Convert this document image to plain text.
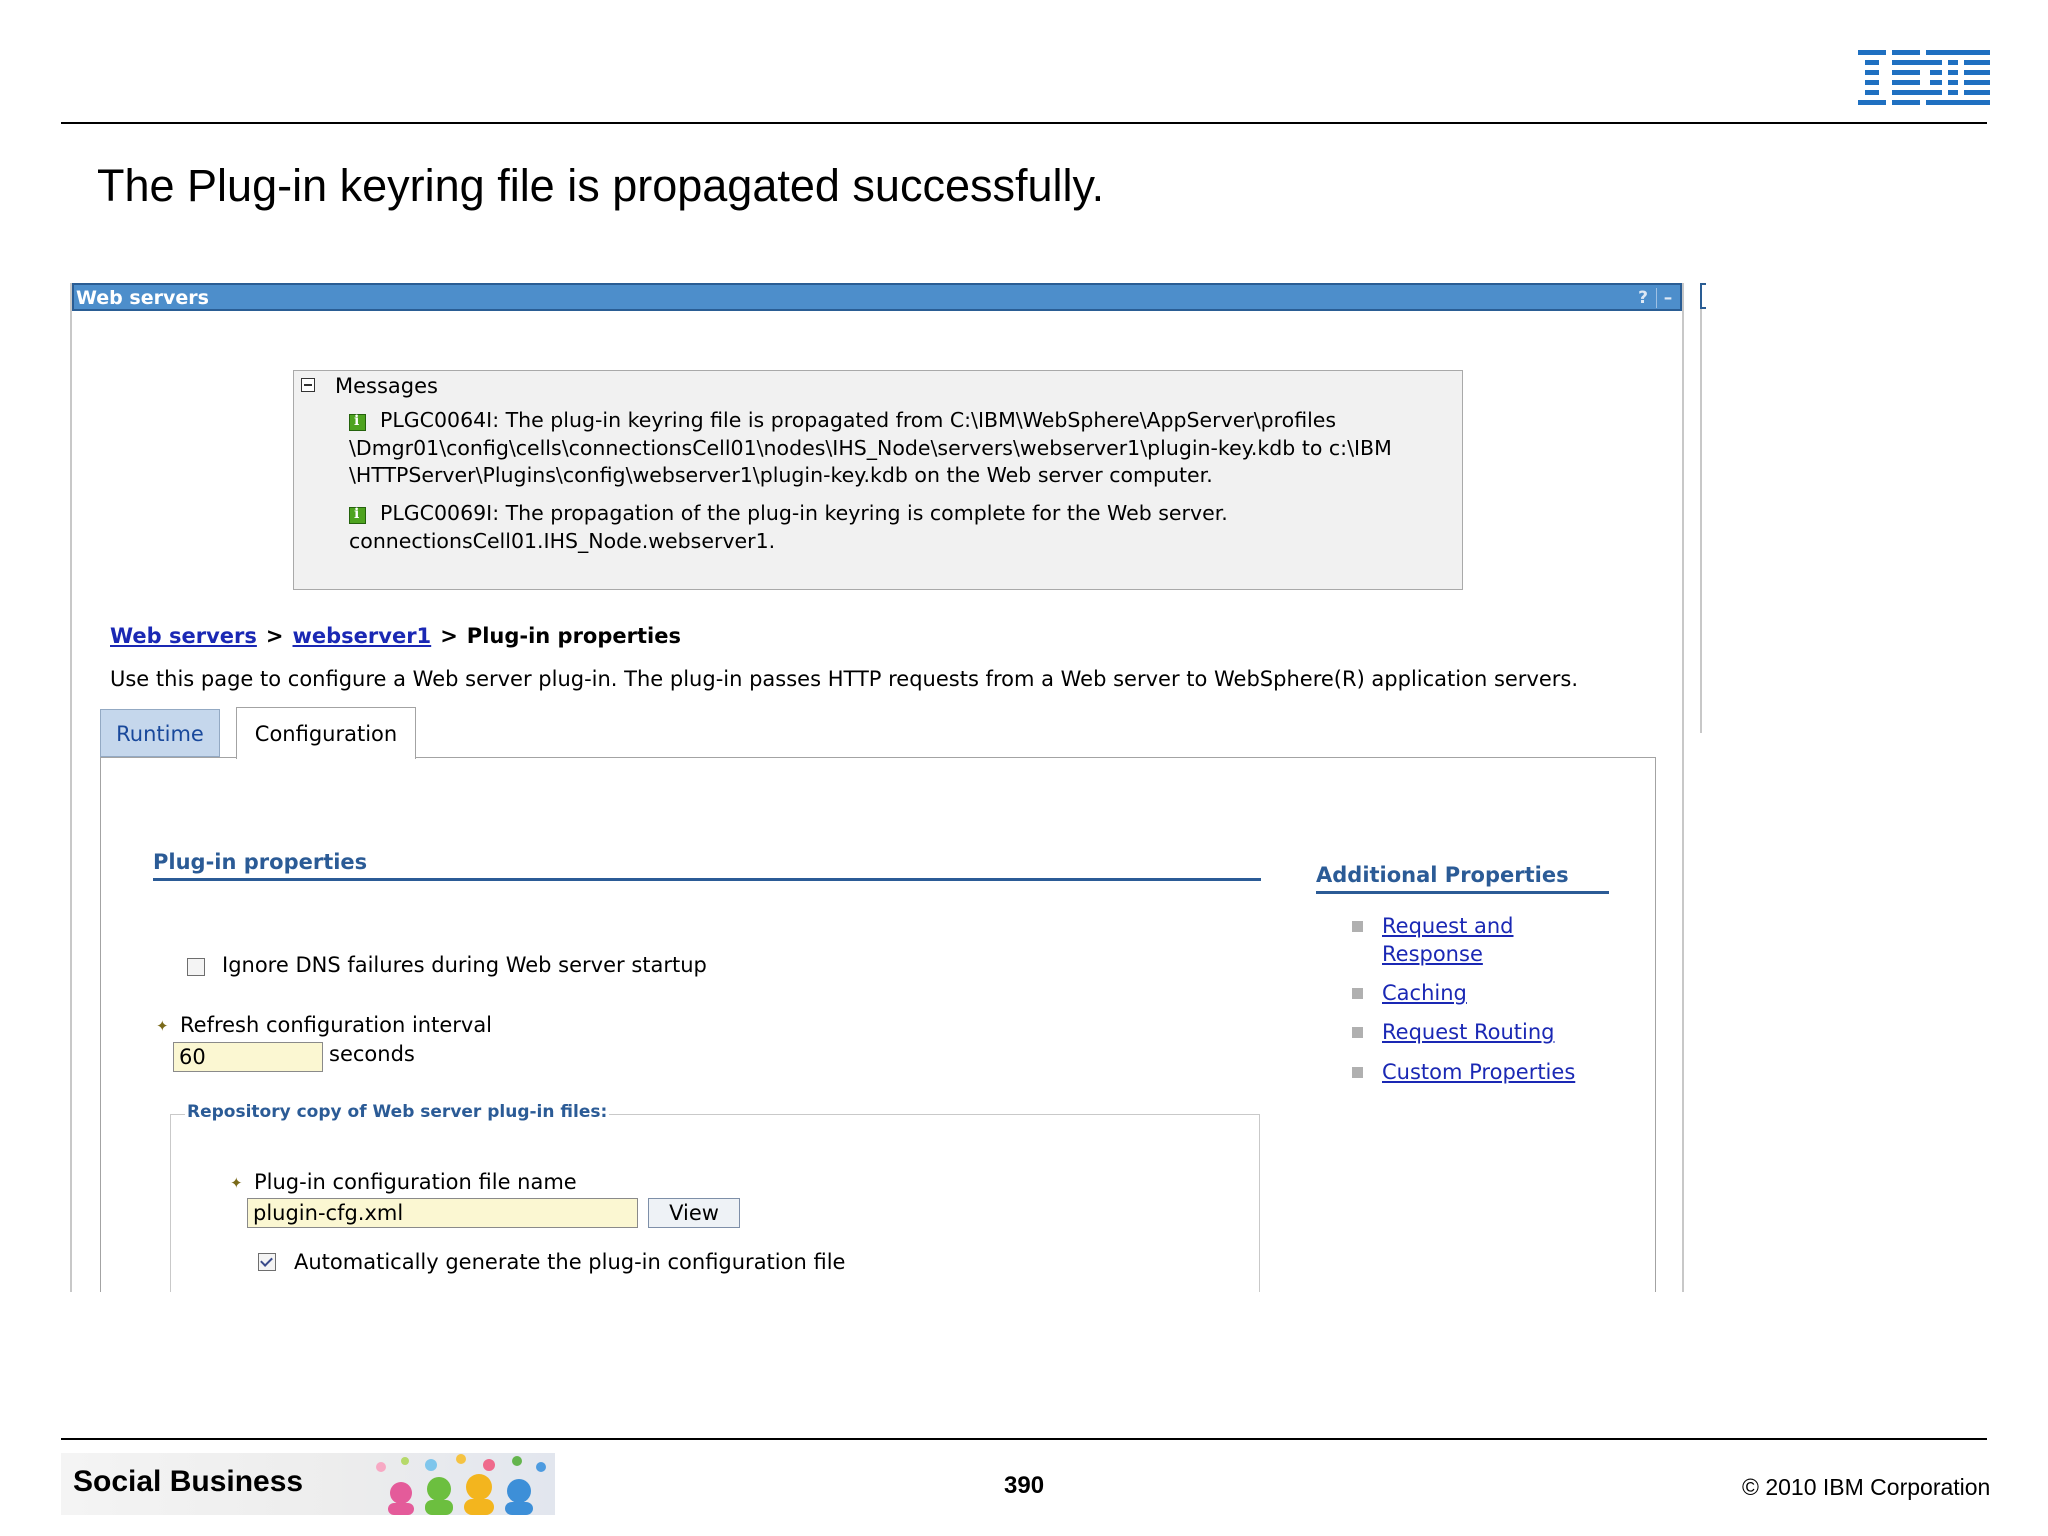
The Plug-in keyring file is propagated successfully.
Web servers	? –
Messages
i
PLGC0064I: The plug-in keyring file is propagated from C:\IBM\WebSphere\AppServer\profiles
\Dmgr01\config\cells\connectionsCell01\nodes\IHS_Node\servers\webserver1\plugin-key.kdb to c:\IBM
\HTTPServer\Plugins\config\webserver1\plugin-key.kdb on the Web server computer.
i
PLGC0069I: The propagation of the plug-in keyring is complete for the Web server.
connectionsCell01.IHS_Node.webserver1.
Web servers > webserver1 > Plug-in properties
Use this page to configure a Web server plug-in. The plug-in passes HTTP requests from a Web server to WebSphere(R) application servers.
Runtime	Configuration
Plug-in properties
Ignore DNS failures during Web server startup
✦ Refresh configuration interval
60
seconds
Repository copy of Web server plug-in files:
✦ Plug-in configuration file name
plugin-cfg.xml
View
Automatically generate the plug-in configuration file
Additional Properties
Request and
Response
Caching
Request Routing
Custom Properties
Social Business	390	© 2010 IBM Corporation
